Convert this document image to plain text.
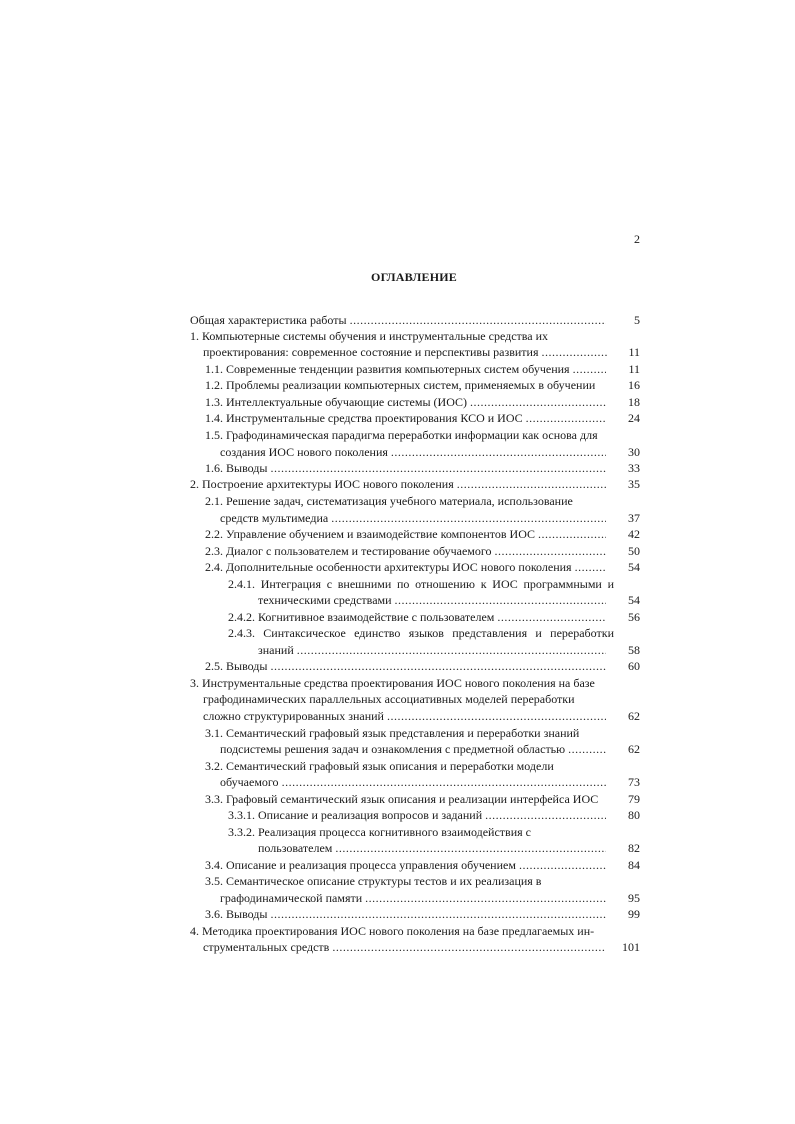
2
ОГЛАВЛЕНИЕ
Общая характеристика работы .....	5
1. Компьютерные системы обучения и инструментальные средства их
проектирования: современное состояние и перспективы развития .....	11
1.1. Современные тенденции развития компьютерных систем обучения .....	11
1.2. Проблемы реализации компьютерных систем, применяемых в обучении	16
1.3. Интеллектуальные обучающие системы (ИОС) .....	18
1.4. Инструментальные средства проектирования КСО и ИОС .....	24
1.5. Графодинамическая парадигма переработки информации как основа для
создания ИОС нового поколения .....	30
1.6. Выводы .....	33
2. Построение архитектуры ИОС нового поколения .....	35
2.1. Решение задач, систематизация учебного материала, использование
средств мультимедиа .....	37
2.2. Управление обучением и взаимодействие компонентов ИОС .....	42
2.3. Диалог с пользователем и тестирование обучаемого .....	50
2.4. Дополнительные особенности архитектуры ИОС нового поколения .....	54
2.4.1. Интеграция с внешними по отношению к ИОС программными и
техническими средствами .....	54
2.4.2. Когнитивное взаимодействие с пользователем .....	56
2.4.3. Синтаксическое единство языков представления и переработки
знаний .....	58
2.5. Выводы .....	60
3. Инструментальные средства проектирования ИОС нового поколения на базе
графодинамических параллельных ассоциативных моделей переработки
сложно структурированных знаний .....	62
3.1. Семантический графовый язык представления и переработки знаний
подсистемы решения задач и ознакомления с предметной областью .....	62
3.2. Семантический графовый язык описания и переработки модели
обучаемого .....	73
3.3. Графовый семантический язык описания и реализации интерфейса ИОС	79
3.3.1. Описание и реализация вопросов и заданий .....	80
3.3.2. Реализация процесса когнитивного взаимодействия с
пользователем .....	82
3.4. Описание и реализация процесса управления обучением .....	84
3.5. Семантическое описание структуры тестов и их реализация в
графодинамической памяти .....	95
3.6. Выводы .....	99
4. Методика проектирования ИОС нового поколения на базе предлагаемых ин-
струментальных средств .....	101
